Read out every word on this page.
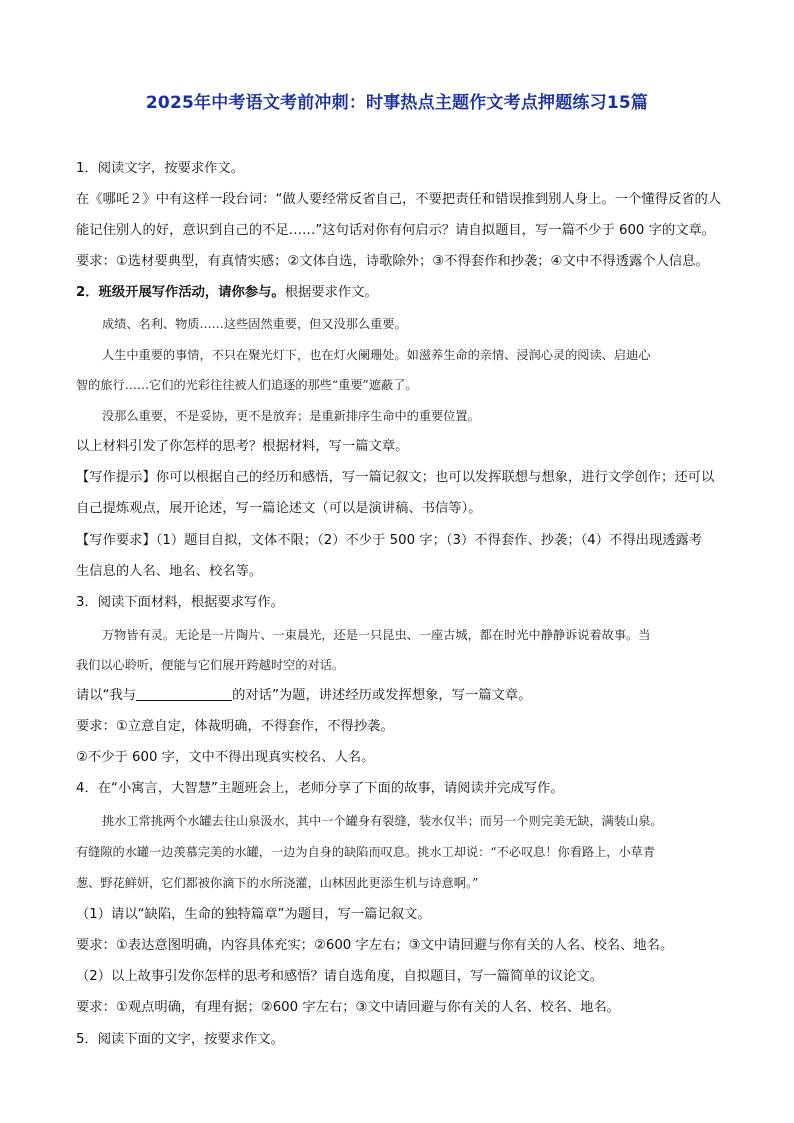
2025年中考语文考前冲刺：时事热点主题作文考点押题练习15篇
1．阅读文字，按要求作文。
在《哪吒２》中有这样一段台词：“做人要经常反省自己，不要把责任和错误推到别人身上。一个懂得反省的人
能记住别人的好，意识到自己的不足……”这句话对你有何启示？请自拟题目，写一篇不少于 600 字的文章。
要求：①选材要典型，有真情实感；②文体自选，诗歌除外；③不得套作和抄袭；④文中不得透露个人信息。
2．班级开展写作活动，请你参与。根据要求作文。
成绩、名利、物质……这些固然重要，但又没那么重要。
人生中重要的事情，不只在聚光灯下，也在灯火阑珊处。如滋养生命的亲情、浸润心灵的阅读、启迪心
智的旅行……它们的光彩往往被人们追逐的那些“重要”遮蔽了。
没那么重要，不是妥协，更不是放弃；是重新排序生命中的重要位置。
以上材料引发了你怎样的思考？根据材料，写一篇文章。
【写作提示】你可以根据自己的经历和感悟，写一篇记叙文；也可以发挥联想与想象，进行文学创作；还可以
自己提炼观点，展开论述，写一篇论述文（可以是演讲稿、书信等）。
【写作要求】（1）题目自拟，文体不限；（2）不少于 500 字；（3）不得套作、抄袭；（4）不得出现透露考
生信息的人名、地名、校名等。
3．阅读下面材料，根据要求写作。
万物皆有灵。无论是一片陶片、一束晨光，还是一只昆虫、一座古城，都在时光中静静诉说着故事。当
我们以心聆听，便能与它们展开跨越时空的对话。
请以“我与	的对话”为题，讲述经历或发挥想象，写一篇文章。
要求：①立意自定，体裁明确，不得套作，不得抄袭。
②不少于 600 字，文中不得出现真实校名、人名。
4．在“小寓言，大智慧”主题班会上，老师分享了下面的故事，请阅读并完成写作。
挑水工常挑两个水罐去往山泉汲水，其中一个罐身有裂缝，装水仅半；而另一个则完美无缺，满装山泉。
有缝隙的水罐一边羡慕完美的水罐，一边为自身的缺陷而叹息。挑水工却说：“不必叹息！你看路上，小草青
葱、野花鲜妍，它们都被你滴下的水所浇灌，山林因此更添生机与诗意啊。”
（1）请以“缺陷，生命的独特篇章”为题目，写一篇记叙文。
要求：①表达意图明确，内容具体充实；②600 字左右；③文中请回避与你有关的人名、校名、地名。
（2）以上故事引发你怎样的思考和感悟？请自选角度，自拟题目，写一篇简单的议论文。
要求：①观点明确，有理有据；②600 字左右；③文中请回避与你有关的人名、校名、地名。
5．阅读下面的文字，按要求作文。
